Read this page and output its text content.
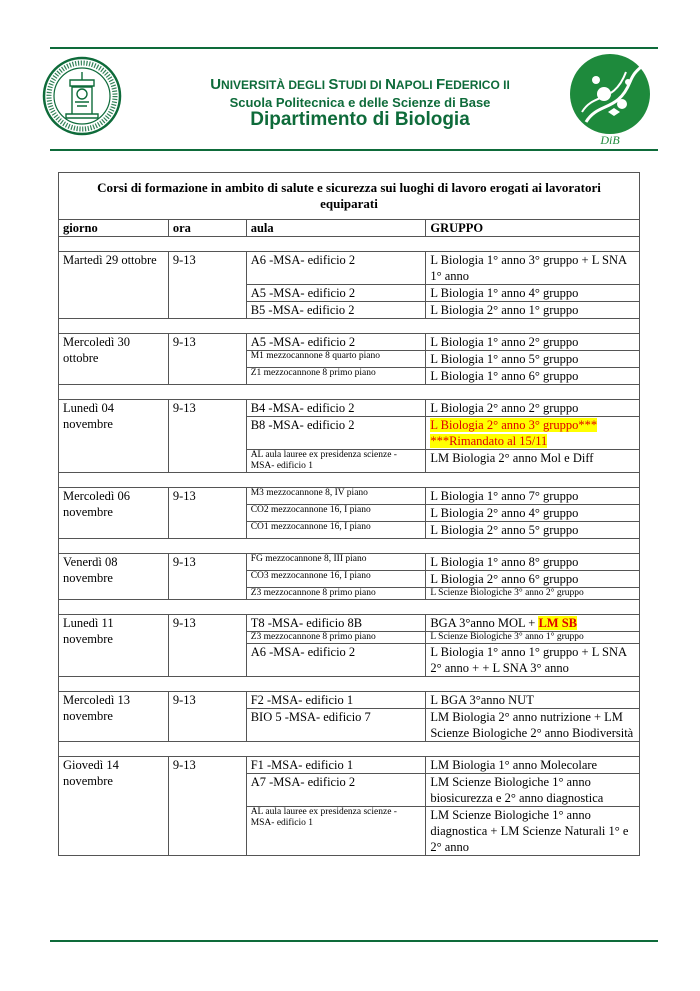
DiB
UNIVERSITÀ DEGLI STUDI DI NAPOLI FEDERICO II
Scuola Politecnica e delle Scienze di Base
Dipartimento di Biologia
Corsi di formazione in ambito di salute e sicurezza sui luoghi di lavoro erogati ai lavoratori equiparati			
giorno	ora	aula	GRUPPO

Martedì 29 ottobre	9-13	A6 -MSA- edificio 2	L Biologia 1° anno 3° gruppo + L SNA 1° anno
		A5 -MSA- edificio 2	L Biologia 1° anno 4° gruppo
		B5 -MSA- edificio 2	L Biologia 2° anno 1° gruppo

Mercoledì 30 ottobre	9-13	A5 -MSA- edificio 2	L Biologia 1° anno 2° gruppo
		M1 mezzocannone 8 quarto piano	L Biologia 1° anno 5° gruppo
		Z1 mezzocannone 8 primo piano	L Biologia 1° anno 6° gruppo

Lunedì 04 novembre	9-13	B4 -MSA- edificio 2	L Biologia 2° anno 2° gruppo
		B8 -MSA- edificio 2	L Biologia 2° anno 3° gruppo***
***Rimandato al 15/11
		AL aula lauree ex presidenza scienze - MSA- edificio 1	LM Biologia 2° anno Mol e Diff

Mercoledì 06 novembre	9-13	M3 mezzocannone 8, IV piano	L Biologia 1° anno 7° gruppo
		CO2 mezzocannone 16, I piano	L Biologia 2° anno 4° gruppo
		CO1 mezzocannone 16, I piano	L Biologia 2° anno 5° gruppo

Venerdì 08 novembre	9-13	FG mezzocannone 8, III piano	L Biologia 1° anno 8° gruppo
		CO3 mezzocannone 16, I piano	L Biologia 2° anno 6° gruppo
		Z3 mezzocannone 8 primo piano	L Scienze Biologiche 3° anno 2° gruppo

Lunedì 11 novembre	9-13	T8 -MSA- edificio 8B	BGA 3°anno MOL + LM SB
		Z3 mezzocannone 8 primo piano	L Scienze Biologiche 3° anno 1° gruppo
		A6 -MSA- edificio 2	L Biologia 1° anno 1° gruppo + L SNA 2° anno + + L SNA 3° anno

Mercoledì 13 novembre	9-13	F2 -MSA- edificio 1	L BGA 3°anno NUT
		BIO 5 -MSA- edificio 7	LM Biologia 2° anno nutrizione + LM Scienze Biologiche 2° anno Biodiversità

Giovedì 14 novembre	9-13	F1 -MSA- edificio 1	LM Biologia 1° anno Molecolare
		A7 -MSA- edificio 2	LM Scienze Biologiche 1° anno biosicurezza e 2° anno diagnostica
		AL aula lauree ex presidenza scienze - MSA- edificio 1	LM Scienze Biologiche 1° anno diagnostica + LM Scienze Naturali 1° e 2° anno
